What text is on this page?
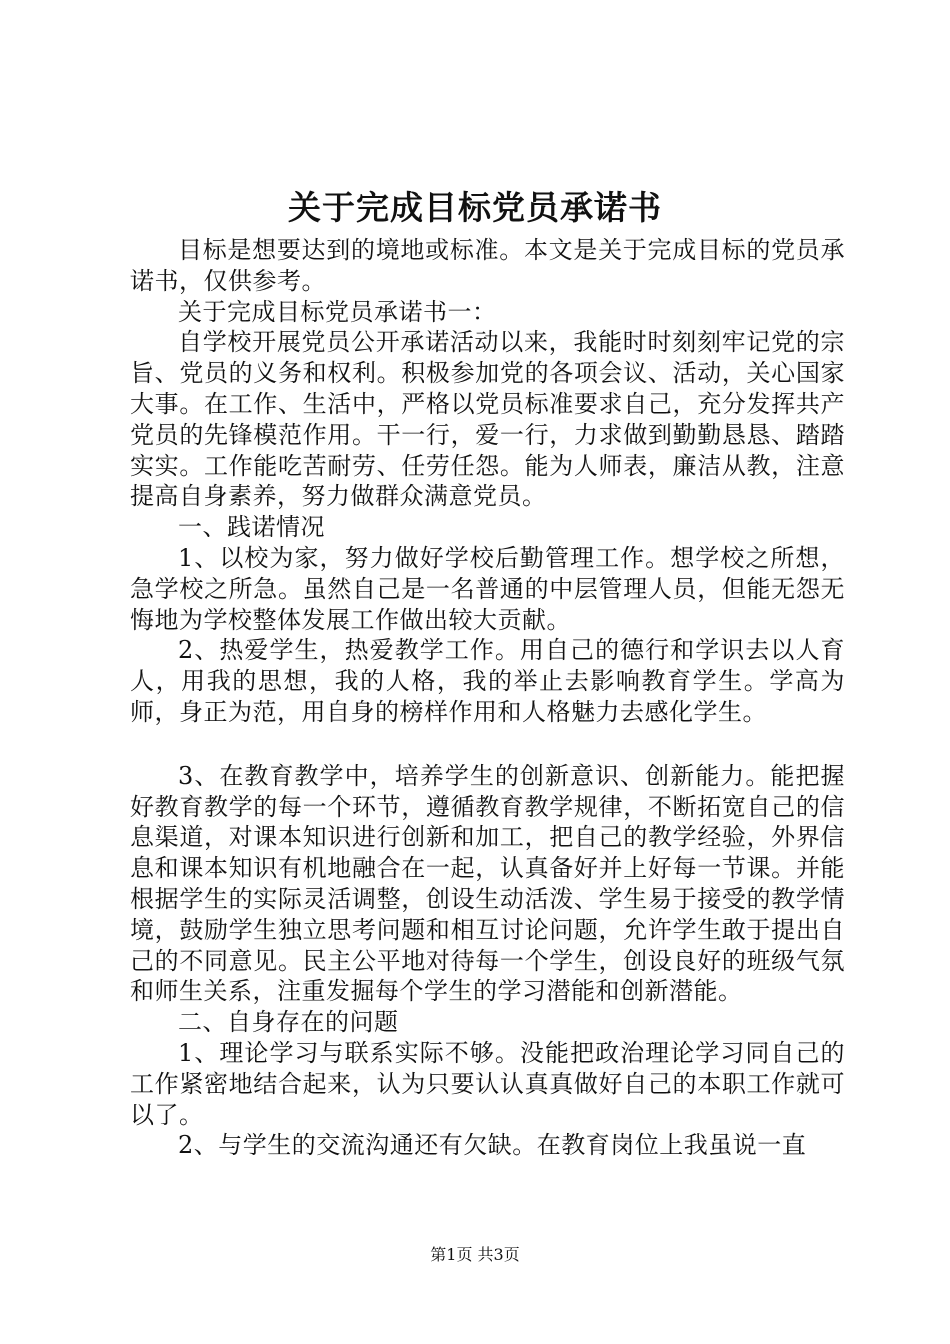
关于完成目标党员承诺书

目标是想要达到的境地或标准。本文是关于完成目标的党员承诺书，仅供参考。

关于完成目标党员承诺书一：

自学校开展党员公开承诺活动以来，我能时时刻刻牢记党的宗旨、党员的义务和权利。积极参加党的各项会议、活动，关心国家大事。在工作、生活中，严格以党员标准要求自己，充分发挥共产党员的先锋模范作用。干一行，爱一行，力求做到勤勤恳恳、踏踏实实。工作能吃苦耐劳、任劳任怨。能为人师表，廉洁从教，注意提高自身素养，努力做群众满意党员。

一、践诺情况

1、以校为家，努力做好学校后勤管理工作。想学校之所想，急学校之所急。虽然自己是一名普通的中层管理人员，但能无怨无悔地为学校整体发展工作做出较大贡献。

2、热爱学生，热爱教学工作。用自己的德行和学识去以人育人，用我的思想，我的人格，我的举止去影响教育学生。学高为师，身正为范，用自身的榜样作用和人格魅力去感化学生。

3、在教育教学中，培养学生的创新意识、创新能力。能把握好教育教学的每一个环节，遵循教育教学规律，不断拓宽自己的信息渠道，对课本知识进行创新和加工，把自己的教学经验，外界信息和课本知识有机地融合在一起，认真备好并上好每一节课。并能根据学生的实际灵活调整，创设生动活泼、学生易于接受的教学情境，鼓励学生独立思考问题和相互讨论问题，允许学生敢于提出自己的不同意见。民主公平地对待每一个学生，创设良好的班级气氛和师生关系，注重发掘每个学生的学习潜能和创新潜能。

二、自身存在的问题

1、理论学习与联系实际不够。没能把政治理论学习同自己的工作紧密地结合起来，认为只要认认真真做好自己的本职工作就可以了。

2、与学生的交流沟通还有欠缺。在教育岗位上我虽说一直

第1页 共3页
